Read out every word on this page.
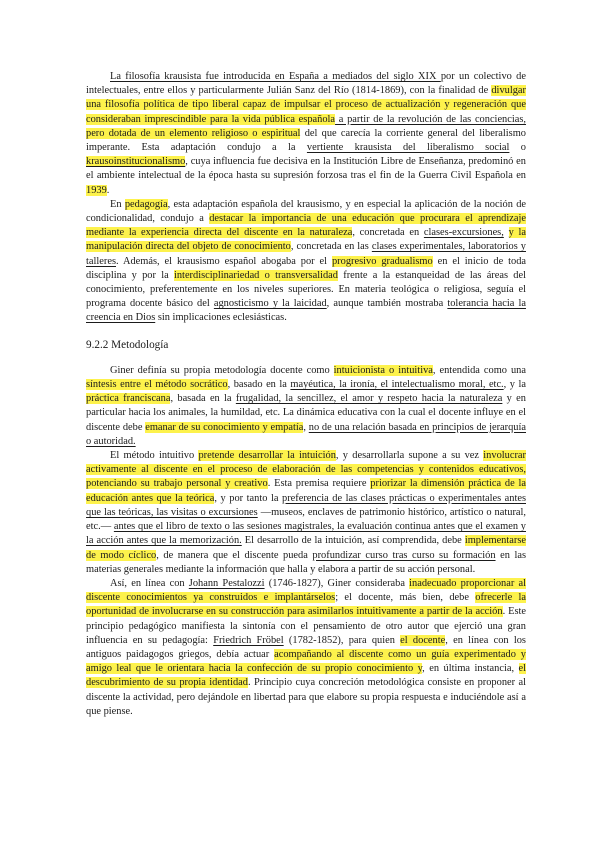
La filosofía krausista fue introducida en España a mediados del siglo XIX por un colectivo de intelectuales, entre ellos y particularmente Julián Sanz del Río (1814-1869), con la finalidad de divulgar una filosofía política de tipo liberal capaz de impulsar el proceso de actualización y regeneración que consideraban imprescindible para la vida pública española a partir de la revolución de las conciencias, pero dotada de un elemento religioso o espiritual del que carecía la corriente general del liberalismo imperante. Esta adaptación condujo a la vertiente krausista del liberalismo social o krausoinstitucionalismo, cuya influencia fue decisiva en la Institución Libre de Enseñanza, predominó en el ambiente intelectual de la época hasta su supresión forzosa tras el fin de la Guerra Civil Española en 1939.

En pedagogía, esta adaptación española del krausismo, y en especial la aplicación de la noción de condicionalidad, condujo a destacar la importancia de una educación que procurara el aprendizaje mediante la experiencia directa del discente en la naturaleza, concretada en clases-excursiones, y la manipulación directa del objeto de conocimiento, concretada en las clases experimentales, laboratorios y talleres. Además, el krausismo español abogaba por el progresivo gradualismo en el inicio de toda disciplina y por la interdisciplinariedad o transversalidad frente a la estanqueidad de las áreas del conocimiento, preferentemente en los niveles superiores. En materia teológica o religiosa, seguía el programa docente básico del agnosticismo y la laicidad, aunque también mostraba tolerancia hacia la creencia en Dios sin implicaciones eclesiásticas.

9.2.2 Metodología

Giner definía su propia metodología docente como intuicionista o intuitiva, entendida como una síntesis entre el método socrático, basado en la mayéutica, la ironía, el intelectualismo moral, etc., y la práctica franciscana, basada en la frugalidad, la sencillez, el amor y respeto hacia la naturaleza y en particular hacia los animales, la humildad, etc. La dinámica educativa con la cual el docente influye en el discente debe emanar de su conocimiento y empatía, no de una relación basada en principios de jerarquía o autoridad.

El método intuitivo pretende desarrollar la intuición, y desarrollarla supone a su vez involucrar activamente al discente en el proceso de elaboración de las competencias y contenidos educativos, potenciando su trabajo personal y creativo. Esta premisa requiere priorizar la dimensión práctica de la educación antes que la teórica, y por tanto la preferencia de las clases prácticas o experimentales antes que las teóricas, las visitas o excursiones —museos, enclaves de patrimonio histórico, artístico o natural, etc.— antes que el libro de texto o las sesiones magistrales, la evaluación continua antes que el examen y la acción antes que la memorización. El desarrollo de la intuición, así comprendida, debe implementarse de modo cíclico, de manera que el discente pueda profundizar curso tras curso su formación en las materias generales mediante la información que halla y elabora a partir de su acción personal.

Así, en línea con Johann Pestalozzi (1746-1827), Giner consideraba inadecuado proporcionar al discente conocimientos ya construidos e implantárselos; el docente, más bien, debe ofrecerle la oportunidad de involucrarse en su construcción para asimilarlos intuitivamente a partir de la acción. Este principio pedagógico manifiesta la sintonía con el pensamiento de otro autor que ejerció una gran influencia en su pedagogía: Friedrich Fröbel (1782-1852), para quien el docente, en línea con los antiguos paidagogos griegos, debía actuar acompañando al discente como un guía experimentado y amigo leal que le orientara hacia la confección de su propio conocimiento y, en última instancia, el descubrimiento de su propia identidad. Principio cuya concreción metodológica consiste en proponer al discente la actividad, pero dejándole en libertad para que elabore su propia respuesta e induciéndole así a que piense.
